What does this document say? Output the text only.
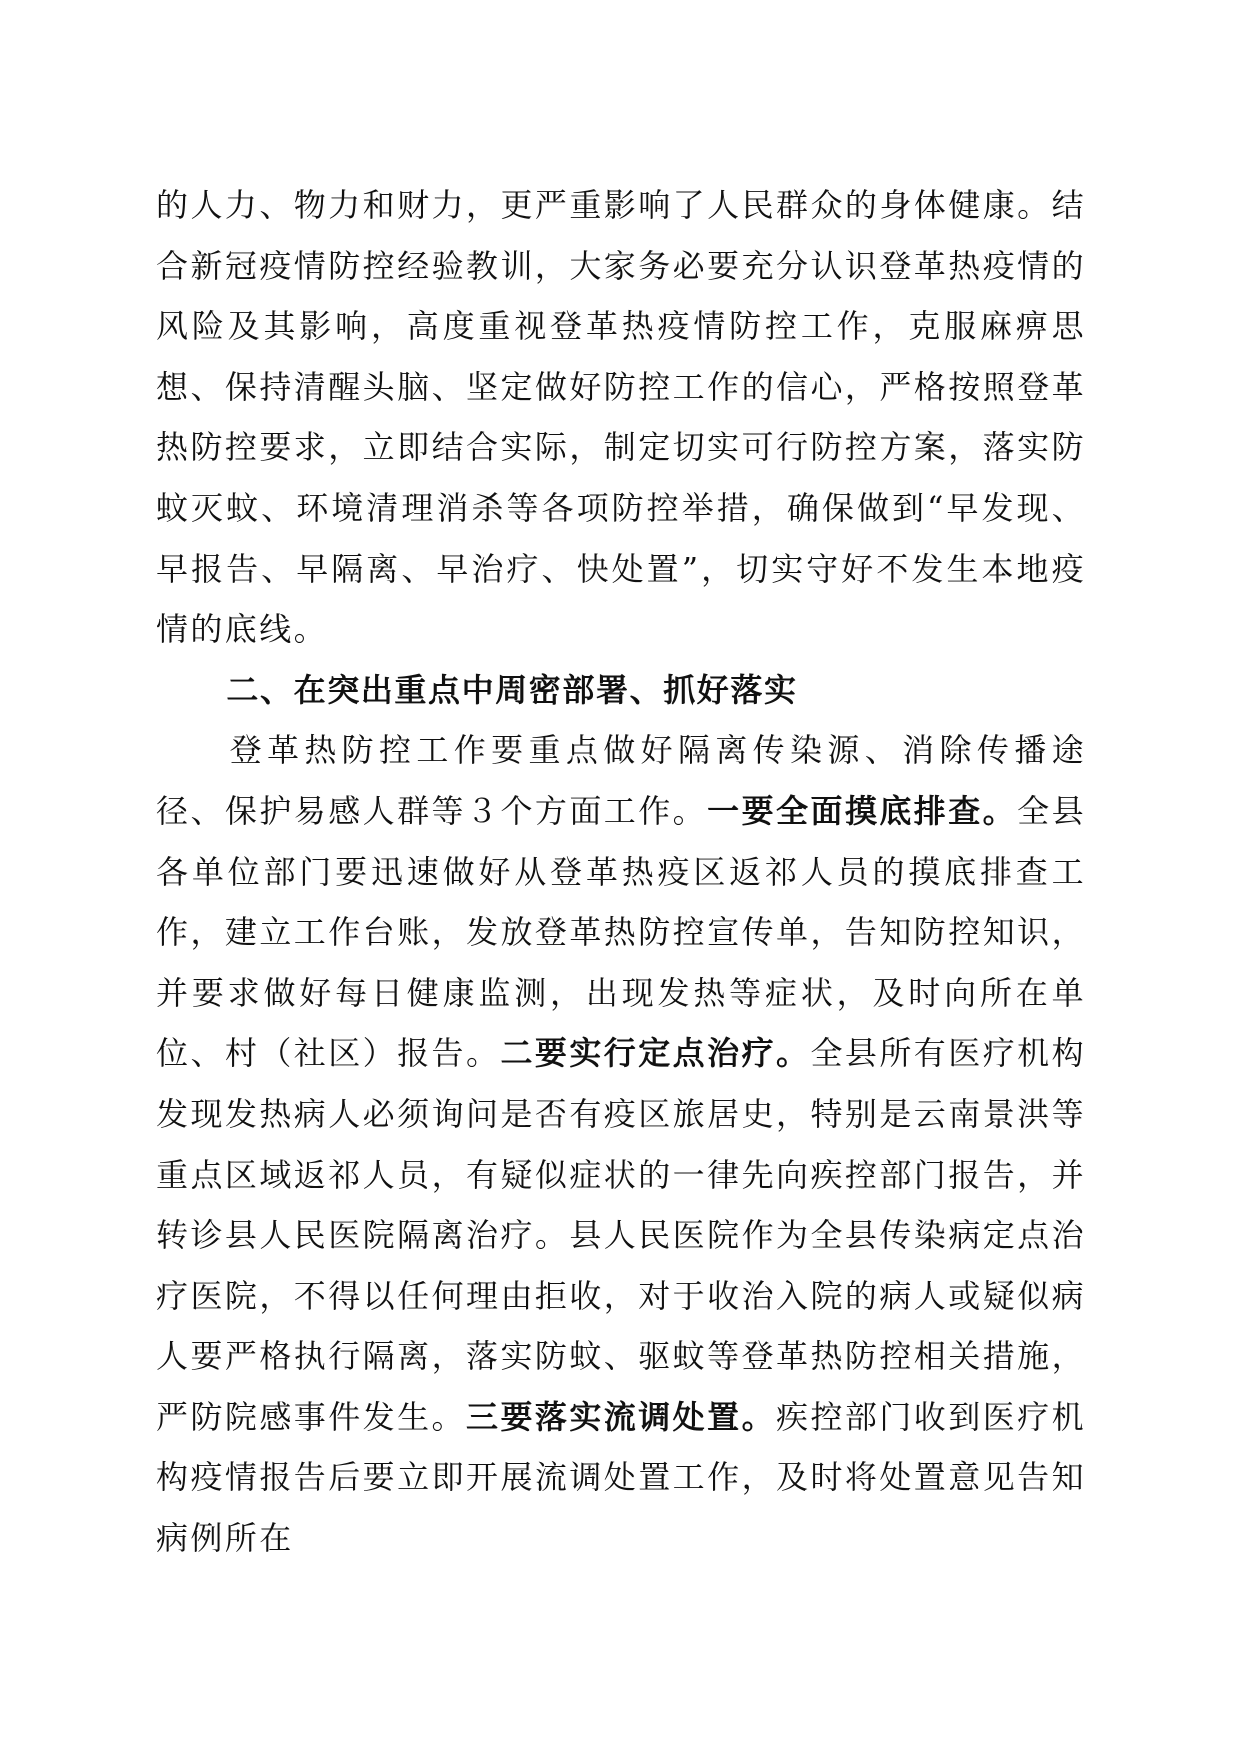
的人力、物力和财力，更严重影响了人民群众的身体健康。结合新冠疫情防控经验教训，大家务必要充分认识登革热疫情的风险及其影响，高度重视登革热疫情防控工作，克服麻痹思想、保持清醒头脑、坚定做好防控工作的信心，严格按照登革热防控要求，立即结合实际，制定切实可行防控方案，落实防蚊灭蚊、环境清理消杀等各项防控举措，确保做到“早发现、早报告、早隔离、早治疗、快处置”，切实守好不发生本地疫情的底线。

二、在突出重点中周密部署、抓好落实

登革热防控工作要重点做好隔离传染源、消除传播途径、保护易感人群等３个方面工作。一要全面摸底排查。全县各单位部门要迅速做好从登革热疫区返祁人员的摸底排查工作，建立工作台账，发放登革热防控宣传单，告知防控知识，并要求做好每日健康监测，出现发热等症状，及时向所在单位、村（社区）报告。二要实行定点治疗。全县所有医疗机构发现发热病人必须询问是否有疫区旅居史，特别是云南景洪等重点区域返祁人员，有疑似症状的一律先向疾控部门报告，并转诊县人民医院隔离治疗。县人民医院作为全县传染病定点治疗医院，不得以任何理由拒收，对于收治入院的病人或疑似病人要严格执行隔离，落实防蚊、驱蚊等登革热防控相关措施，严防院感事件发生。三要落实流调处置。疾控部门收到医疗机构疫情报告后要立即开展流调处置工作，及时将处置意见告知病例所在
